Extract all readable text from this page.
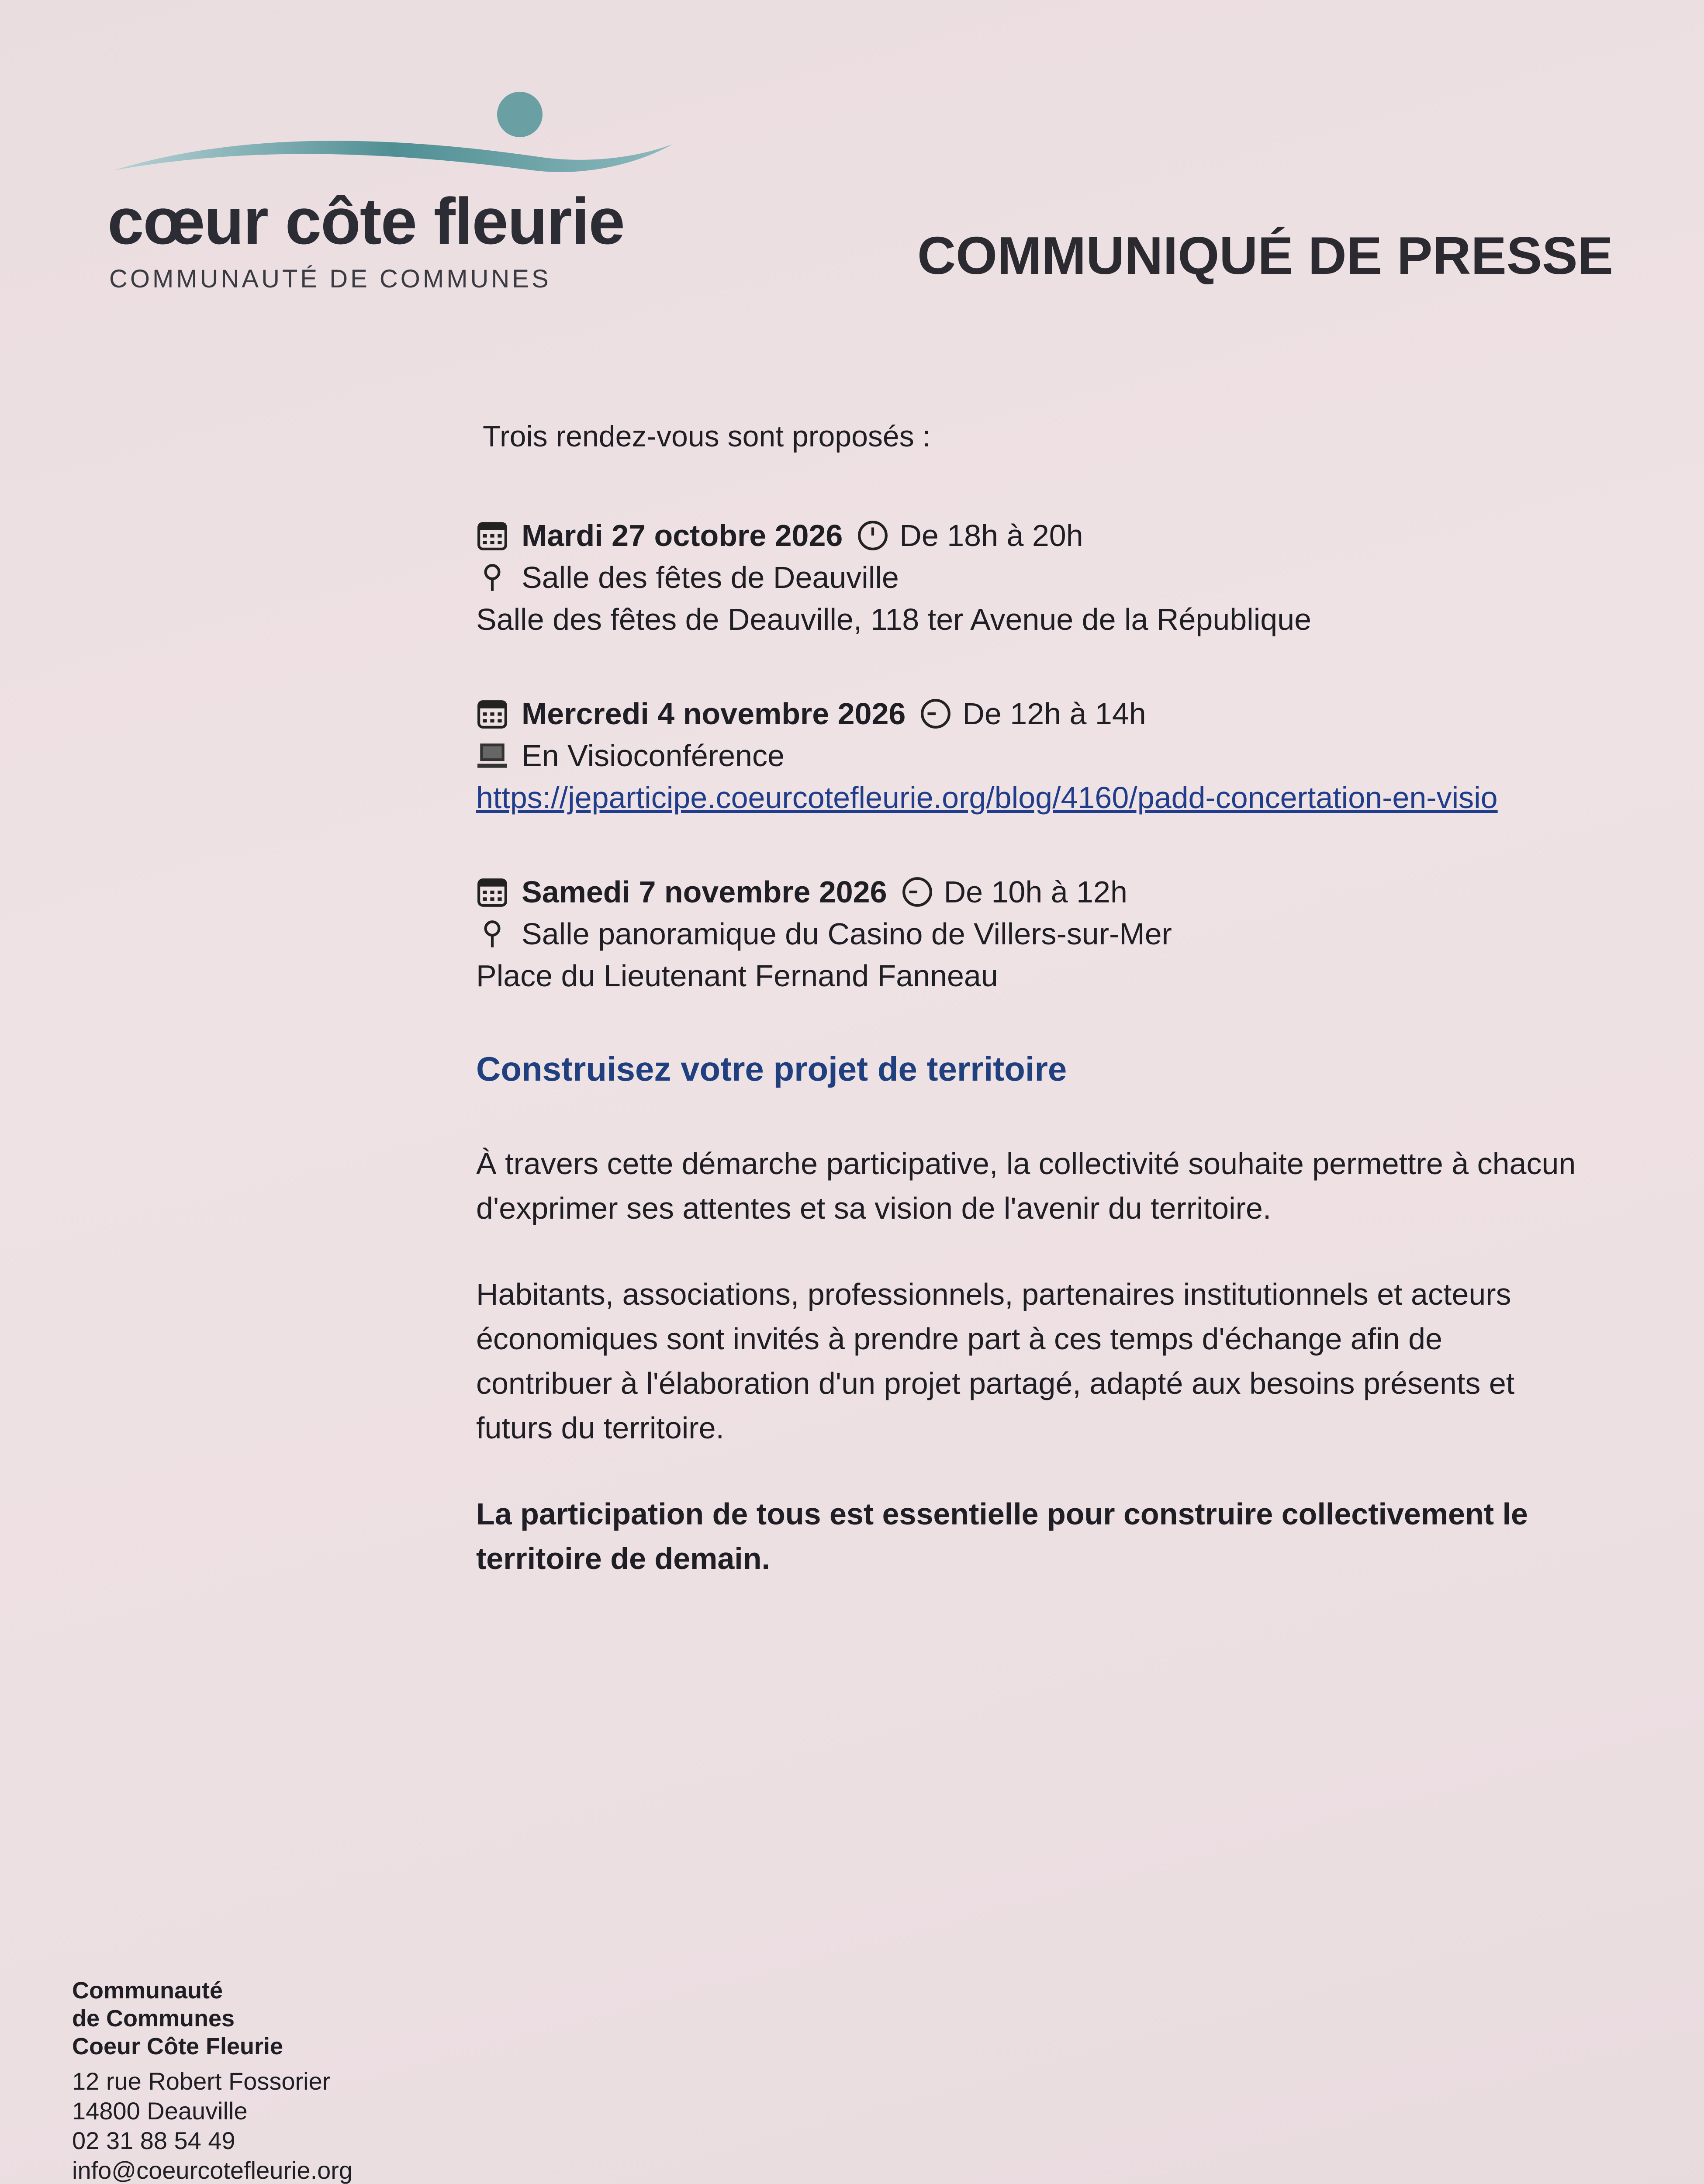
cœur côte fleurie
COMMUNAUTÉ DE COMMUNES	COMMUNIQUÉ DE PRESSE
Trois rendez-vous sont proposés :
Mardi 27 octobre 2026 De 18h à 20h
Salle des fêtes de Deauville
Salle des fêtes de Deauville, 118 ter Avenue de la République
Mercredi 4 novembre 2026 De 12h à 14h
En Visioconférence
https://jeparticipe.coeurcotefleurie.org/blog/4160/padd-concertation-en-visio
Samedi 7 novembre 2026 De 10h à 12h
Salle panoramique du Casino de Villers-sur-Mer
Place du Lieutenant Fernand Fanneau
Construisez votre projet de territoire

À travers cette démarche participative, la collectivité souhaite permettre à chacun d'exprimer ses attentes et sa vision de l'avenir du territoire.

Habitants, associations, professionnels, partenaires institutionnels et acteurs économiques sont invités à prendre part à ces temps d'échange afin de contribuer à l'élaboration d'un projet partagé, adapté aux besoins présents et futurs du territoire.

La participation de tous est essentielle pour construire collectivement le territoire de demain.

Communauté
de Communes
Coeur Côte Fleurie
12 rue Robert Fossorier
14800 Deauville
02 31 88 54 49
info@coeurcotefleurie.org
